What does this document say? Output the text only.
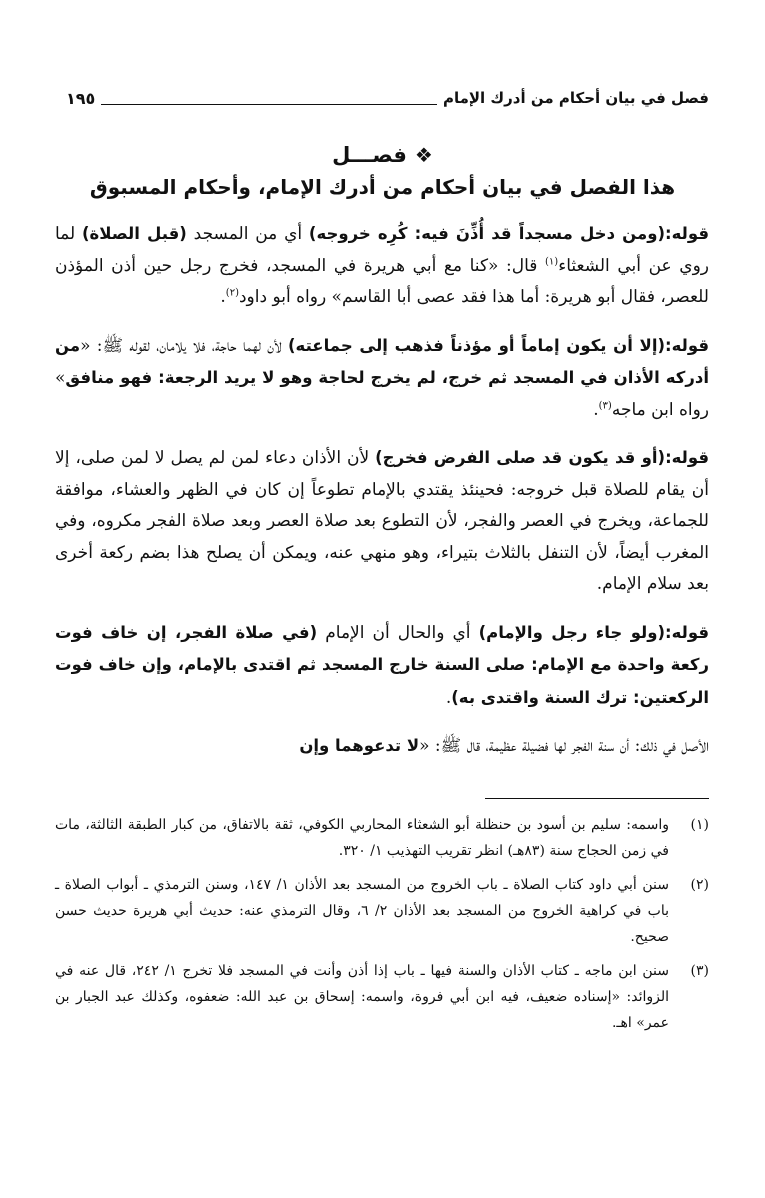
فصل في بيان أحكام من أدرك الإمام
١٩٥
❖
فصـــل
هذا الفصل في بيان أحكام من أدرك الإمام، وأحكام المسبوق

قوله:(ومن دخل مسجداً قد أُذِّنَ فيه: كُرِه خروجه) أي من المسجد (قبل الصلاة) لما روي عن أبي الشعثاء$^{(١)}$ قال: «كنا مع أبي هريرة في المسجد، فخرج رجل حين أذن المؤذن للعصر، فقال أبو هريرة: أما هذا فقد عصى أبا القاسم» رواه أبو داود$^{(٢)}$.

قوله:(إلا أن يكون إماماً أو مؤذناً فذهب إلى جماعته) لأن لهما حاجة، فلا يلامان، لقوله ﷺ: «من أدركه الأذان في المسجد ثم خرج، لم يخرج لحاجة وهو لا يريد الرجعة: فهو منافق» رواه ابن ماجه$^{(٣)}$.

قوله:(أو قد يكون قد صلى الفرض فخرج) لأن الأذان دعاء لمن لم يصل لا لمن صلى، إلا أن يقام للصلاة قبل خروجه: فحينئذ يقتدي بالإمام تطوعاً إن كان في الظهر والعشاء، موافقة للجماعة، ويخرج في العصر والفجر، لأن التطوع بعد صلاة العصر وبعد صلاة الفجر مكروه، وفي المغرب أيضاً، لأن التنفل بالثلاث بتيراء، وهو منهي عنه، ويمكن أن يصلح هذا بضم ركعة أخرى بعد سلام الإمام.

قوله:(ولو جاء رجل والإمام) أي والحال أن الإمام (في صلاة الفجر، إن خاف فوت ركعة واحدة مع الإمام: صلى السنة خارج المسجد ثم اقتدى بالإمام، وإن خاف فوت الركعتين: ترك السنة واقتدى به).

الأصل في ذلك: أن سنة الفجر لها فضيلة عظيمة، قال ﷺ: «لا تدعوهما وإن

(١)
واسمه: سليم بن أسود بن حنظلة أبو الشعثاء المحاربي الكوفي، ثقة بالاتفاق، من كبار الطبقة الثالثة، مات في زمن الحجاج سنة (٨٣هـ) انظر تقريب التهذيب ١/ ٣٢٠.
(٢)
سنن أبي داود كتاب الصلاة ـ باب الخروج من المسجد بعد الأذان ١/ ١٤٧، وسنن الترمذي ـ أبواب الصلاة ـ باب في كراهية الخروج من المسجد بعد الأذان ٢/ ٦، وقال الترمذي عنه: حديث أبي هريرة حديث حسن صحيح.
(٣)
سنن ابن ماجه ـ كتاب الأذان والسنة فيها ـ باب إذا أذن وأنت في المسجد فلا تخرج ١/ ٢٤٢، قال عنه في الزوائد: «إسناده ضعيف، فيه ابن أبي فروة، واسمه: إسحاق بن عبد الله: ضعفوه، وكذلك عبد الجبار بن عمر» اهـ.
